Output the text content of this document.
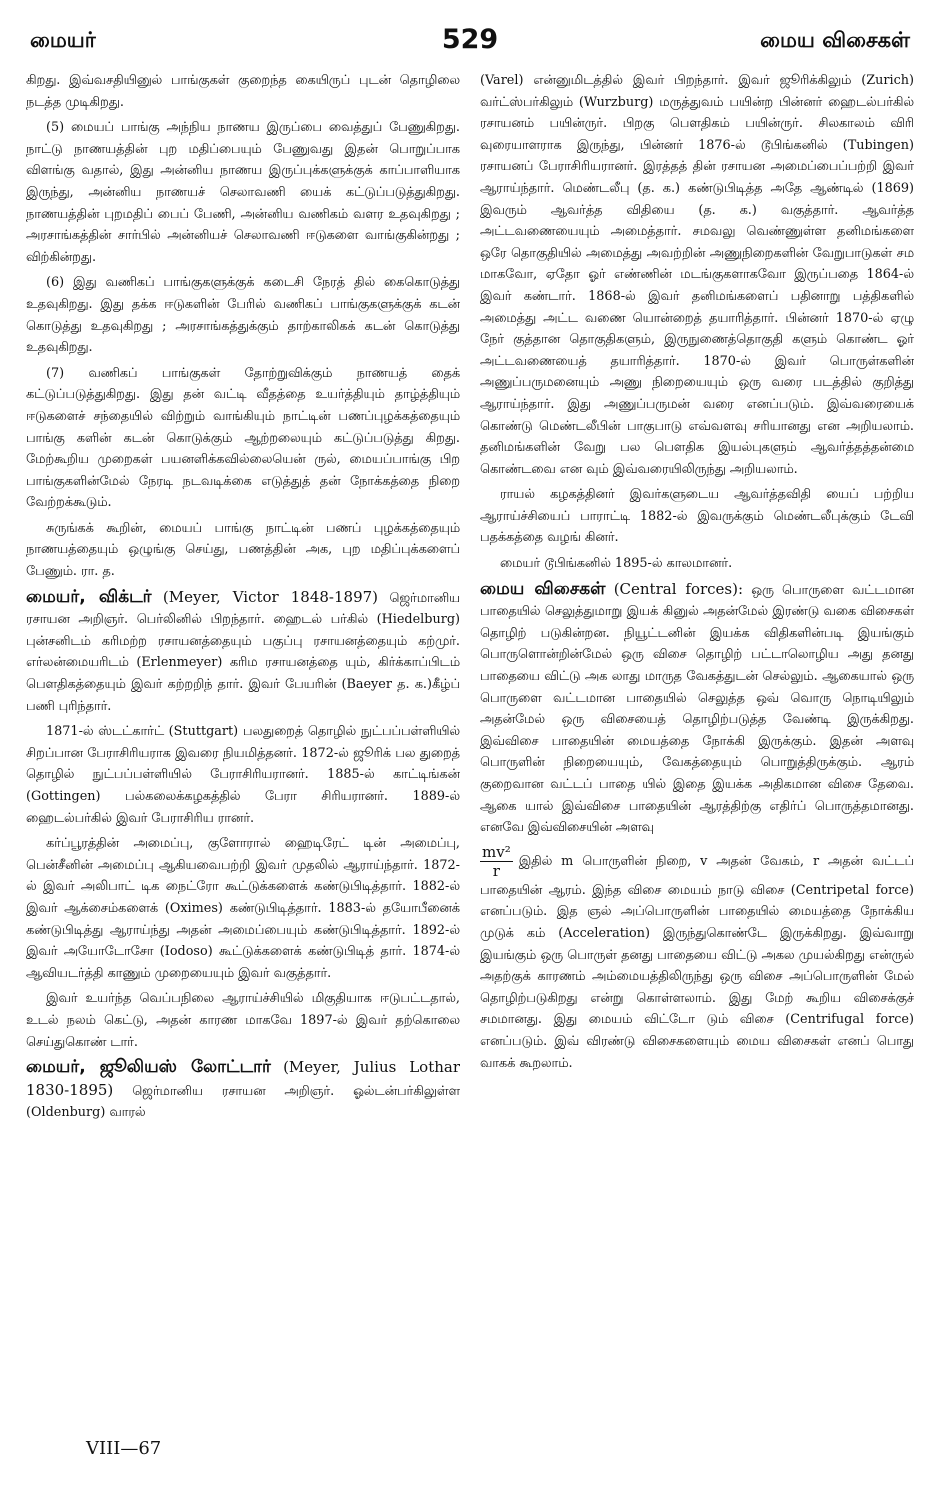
மையர்	529	மைய விசைகள்

கிறது. இவ்வசதியினுல் பாங்குகள் குறைந்த கையிருப் புடன் தொழிலை நடத்த முடிகிறது.

(5) மையப் பாங்கு அந்நிய நாணய இருப்பை வைத்துப் பேணுகிறது. நாட்டு நாணயத்தின் புற மதிப்பையும் பேணுவது இதன் பொறுப்பாக விளங்கு வதால், இது அன்னிய நாணய இருப்புக்களுக்குக் காப்பாளியாக இருந்து, அன்னிய நாணயச் செலாவணி யைக் கட்டுப்படுத்துகிறது. நாணயத்தின் புறமதிப் பைப் பேணி, அன்னிய வணிகம் வளர உதவுகிறது ; அரசாங்கத்தின் சார்பில் அன்னியச் செலாவணி ஈடுகளை வாங்குகின்றது ; விற்கின்றது.

(6) இது வணிகப் பாங்குகளுக்குக் கடைசி நேரத் தில் கைகொடுத்து உதவுகிறது. இது தக்க ஈடுகளின் பேரில் வணிகப் பாங்குகளுக்குக் கடன் கொடுத்து உதவுகிறது ; அரசாங்கத்துக்கும் தாற்காலிகக் கடன் கொடுத்து உதவுகிறது.

(7) வணிகப் பாங்குகள் தோற்றுவிக்கும் நாணயத் தைக் கட்டுப்படுத்துகிறது. இது தன் வட்டி வீதத்தை உயர்த்தியும் தாழ்த்தியும் ஈடுகளைச் சந்தையில் விற்றும் வாங்கியும் நாட்டின் பணப்புழக்கத்தையும் பாங்கு களின் கடன் கொடுக்கும் ஆற்றலையும் கட்டுப்படுத்து கிறது. மேற்கூறிய முறைகள் பயனளிக்கவில்லையென் ருல், மையப்பாங்கு பிற பாங்குகளின்மேல் நேரடி நடவடிக்கை எடுத்துத் தன் நோக்கத்தை நிறை வேற்றக்கூடும்.

சுருங்கக் கூறின், மையப் பாங்கு நாட்டின் பணப் புழக்கத்தையும் நாணயத்தையும் ஒழுங்கு செய்து, பணத்தின் அக, புற மதிப்புக்களைப் பேணும். ரா. த.

மையர், விக்டர் (Meyer, Victor 1848-1897) ஜெர்மானிய ரசாயன அறிஞர். பெர்லினில் பிறந்தார். ஹைடல் பர்கில் (Hiedelburg) புன்சனிடம் கரிமற்ற ரசாயனத்தையும் பகுப்பு ரசாயனத்தையும் கற்முர். எர்லன்மையரிடம் (Erlenmeyer) கரிம ரசாயனத்தை யும், கிர்க்காப்பிடம் பௌதிகத்தையும் இவர் கற்றறிந் தார். இவர் பேயரின் (Baeyer த. க.)கீழ்ப் பணி புரிந்தார்.

1871-ல் ஸ்டட்கார்ட் (Stuttgart) பலதுறைத் தொழில் நுட்பப்பள்ளியில் சிறப்பான பேராசிரியராக இவரை நியமித்தனர். 1872-ல் ஜூரிக் பல துறைத் தொழில் நுட்பப்பள்ளியில் பேராசிரியரானர். 1885-ல் காட்டிங்கன் (Gottingen) பல்கலைக்கழகத்தில் பேரா சிரியரானர். 1889-ல் ஹைடல்பர்கில் இவர் பேராசிரிய ரானர்.

கர்ப்பூரத்தின் அமைப்பு, குளோரால் ஹைடிரேட் டின் அமைப்பு, பென்சீனின் அமைப்பு ஆகியவைபற்றி இவர் முதலில் ஆராய்ந்தார். 1872-ல் இவர் அலிபாட் டிக நைட்ரோ கூட்டுக்களைக் கண்டுபிடித்தார். 1882-ல் இவர் ஆக்சைம்களைக் (Oximes) கண்டுபிடித்தார். 1883-ல் தயோபீனைக் கண்டுபிடித்து ஆராய்ந்து அதன் அமைப்பையும் கண்டுபிடித்தார். 1892-ல் இவர் அயோடோசோ (Iodoso) கூட்டுக்களைக் கண்டுபிடித் தார். 1874-ல் ஆவியடர்த்தி காணும் முறையையும் இவர் வகுத்தார்.

இவர் உயர்ந்த வெப்பநிலை ஆராய்ச்சியில் மிகுதியாக ஈடுபட்டதால், உடல் நலம் கெட்டு, அதன் காரண மாகவே 1897-ல் இவர் தற்கொலை செய்துகொண் டார்.

மையர், ஜூலியஸ் லோட்டார் (Meyer, Julius Lothar 1830-1895) ஜெர்மானிய ரசாயன அறிஞர். ஓல்டன்பர்கிலுள்ள (Oldenburg) வாரல்

(Varel) என்னுமிடத்தில் இவர் பிறந்தார். இவர் ஜூரிக்கிலும் (Zurich) வர்ட்ஸ்பர்கிலும் (Wurzburg) மருத்துவம் பயின்ற பின்னர் ஹைடல்பர்கில் ரசாயனம் பயின்ருர். பிறகு பௌதிகம் பயின்ருர். சிலகாலம் விரி வுரையாளராக இருந்து, பின்னர் 1876-ல் டூபிங்கனில் (Tubingen) ரசாயனப் பேராசிரியரானர். இரத்தத் தின் ரசாயன அமைப்பைப்பற்றி இவர் ஆராய்ந்தார். மெண்டலீபு (த. க.) கண்டுபிடித்த அதே ஆண்டில் (1869) இவரும் ஆவர்த்த விதியை (த. க.) வகுத்தார். ஆவர்த்த அட்டவணையையும் அமைத்தார். சமவலு வெண்ணுள்ள தனிமங்களை ஒரே தொகுதியில் அமைத்து அவற்றின் அணுநிறைகளின் வேறுபாடுகள் சம மாகவோ, ஏதோ ஓர் எண்ணின் மடங்குகளாகவோ இருப்பதை 1864-ல் இவர் கண்டார். 1868-ல் இவர் தனிமங்களைப் பதினாறு பத்திகளில் அமைத்து அட்ட வணை யொன்றைத் தயாரித்தார். பின்னர் 1870-ல் ஏழு நேர் குத்தான தொகுதிகளும், இருநுணைத்தொகுதி களும் கொண்ட ஓர் அட்டவணையைத் தயாரித்தார். 1870-ல் இவர் பொருள்களின் அணுப்பருமனையும் அணு நிறையையும் ஒரு வரை படத்தில் குறித்து ஆராய்ந்தார். இது அணுப்பருமன் வரை எனப்படும். இவ்வரையைக் கொண்டு மெண்டலீபின் பாகுபாடு எவ்வளவு சரியானது என அறியலாம். தனிமங்களின் வேறு பல பௌதிக இயல்புகளும் ஆவர்த்தத்தன்மை கொண்டவை என வும் இவ்வரையிலிருந்து அறியலாம்.

ராயல் கழகத்தினர் இவர்களுடைய ஆவர்த்தவிதி யைப் பற்றிய ஆராய்ச்சியைப் பாராட்டி 1882-ல் இவருக்கும் மெண்டலீபுக்கும் டேவி பதக்கத்தை வழங் கினர்.

மையர் டூபிங்கனில் 1895-ல் காலமானர்.

மைய விசைகள் (Central forces): ஒரு பொருளை வட்டமான பாதையில் செலுத்துமாறு இயக் கினுல் அதன்மேல் இரண்டு வகை விசைகள் தொழிற் படுகின்றன. நியூட்டனின் இயக்க விதிகளின்படி இயங்கும் பொருளொன்றின்மேல் ஒரு விசை தொழிற் பட்டாலொழிய அது தனது பாதையை விட்டு அக லாது மாருத வேகத்துடன் செல்லும். ஆகையால் ஒரு பொருளை வட்டமான பாதையில் செலுத்த ஒவ் வொரு நொடியிலும் அதன்மேல் ஒரு விசையைத் தொழிற்படுத்த வேண்டி இருக்கிறது. இவ்விசை பாதையின் மையத்தை நோக்கி இருக்கும். இதன் அளவு பொருளின் நிறையையும், வேகத்தையும் பொறுத்திருக்கும். ஆரம் குறைவான வட்டப் பாதை யில் இதை இயக்க அதிகமான விசை தேவை. ஆகை யால் இவ்விசை பாதையின் ஆரத்திற்கு எதிர்ப் பொருத்தமானது. எனவே இவ்விசையின் அளவு

$\frac{\text{mv²}}{r}$ இதில் m பொருளின் நிறை, v அதன் வேகம், r அதன் வட்டப் பாதையின் ஆரம். இந்த விசை மையம் நாடு விசை (Centripetal force) எனப்படும். இத ஞல் அப்பொருளின் பாதையில் மையத்தை நோக்கிய முடுக் கம் (Acceleration) இருந்துகொண்டே இருக்கிறது. இவ்வாறு இயங்கும் ஒரு பொருள் தனது பாதையை விட்டு அகல முயல்கிறது என்ருல் அதற்குக் காரணம் அம்மையத்திலிருந்து ஒரு விசை அப்பொருளின் மேல் தொழிற்படுகிறது என்று கொள்ளலாம். இது மேற் கூறிய விசைக்குச் சமமானது. இது மையம் விட்டோ டும் விசை (Centrifugal force) எனப்படும். இவ் விரண்டு விசைகளையும் மைய விசைகள் எனப் பொது வாகக் கூறலாம்.

VIII—67
